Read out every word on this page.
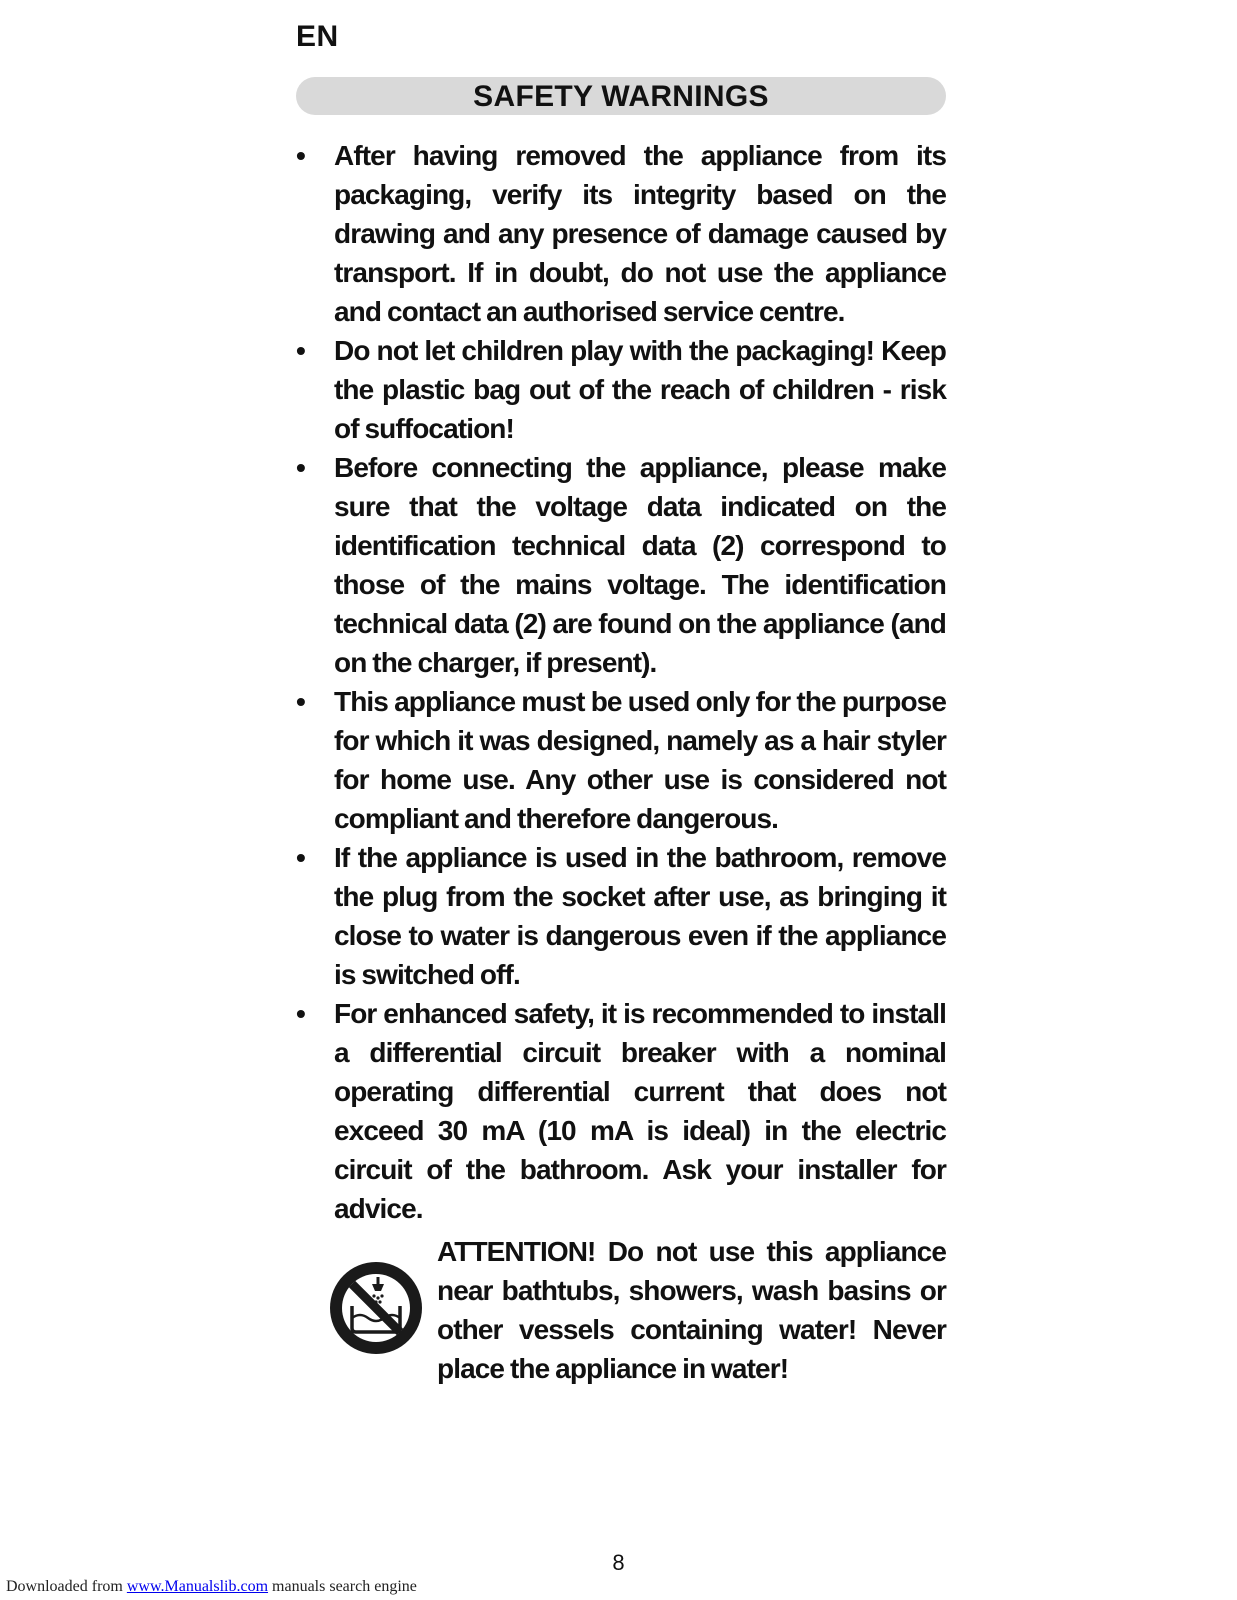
EN
SAFETY WARNINGS
• After having removed the appliance from its packaging, verify its integrity based on the drawing and any presence of damage caused by transport. If in doubt, do not use the appliance and contact an authorised service centre.
• Do not let children play with the packaging! Keep the plastic bag out of the reach of children - risk of suffocation!
• Before connecting the appliance, please make sure that the voltage data indicated on the identification technical data (2) correspond to those of the mains voltage. The identification technical data (2) are found on the appliance (and on the charger, if present).
• This appliance must be used only for the purpose for which it was designed, namely as a hair styler for home use. Any other use is considered not compliant and therefore dangerous.
• If the appliance is used in the bathroom, remove the plug from the socket after use, as bringing it close to water is dangerous even if the appliance is switched off.
• For enhanced safety, it is recommended to install a differential circuit breaker with a nominal operating differential current that does not exceed 30 mA (10 mA is ideal) in the electric circuit of the bathroom. Ask your installer for advice.
ATTENTION! Do not use this appliance near bathtubs, showers, wash basins or other vessels containing water! Never place the appliance in water!
8
Downloaded from www.Manualslib.com manuals search engine
